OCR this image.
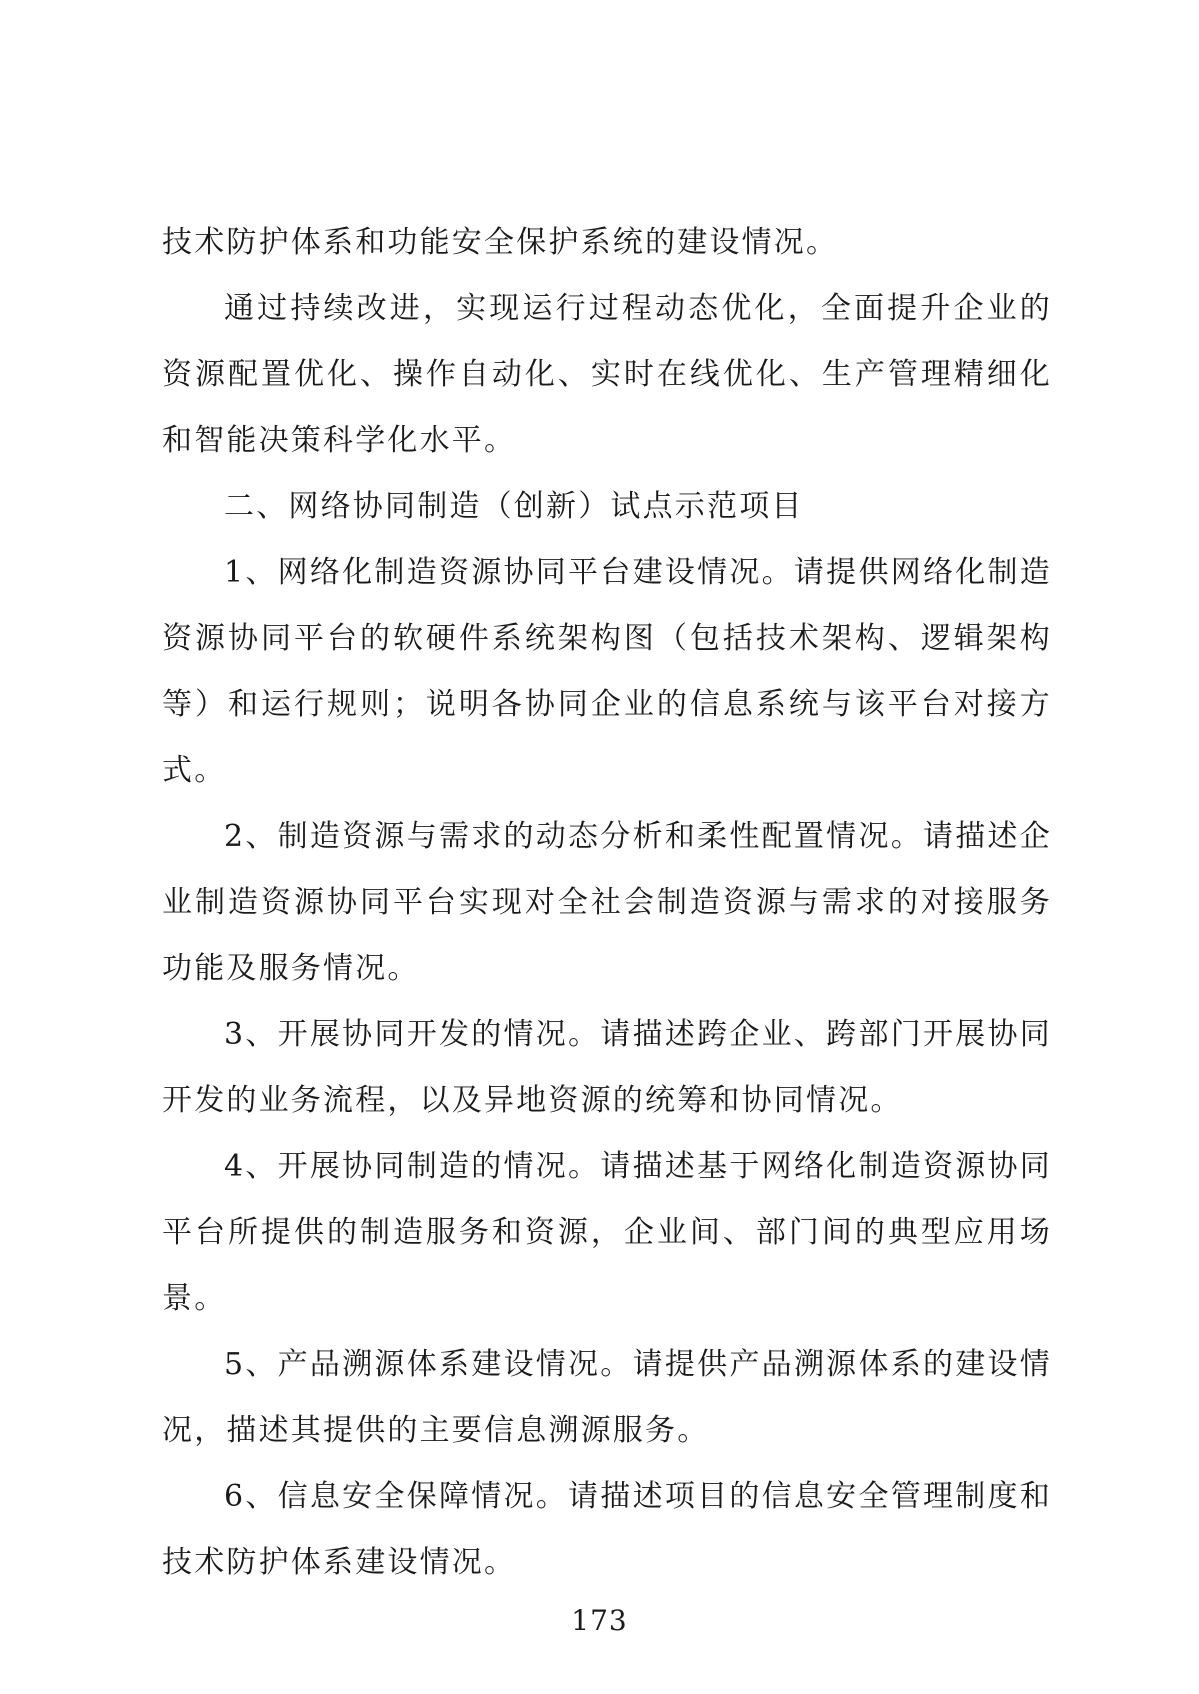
技术防护体系和功能安全保护系统的建设情况。

通过持续改进，实现运行过程动态优化，全面提升企业的资源配置优化、操作自动化、实时在线优化、生产管理精细化和智能决策科学化水平。

二、网络协同制造（创新）试点示范项目

1、网络化制造资源协同平台建设情况。请提供网络化制造资源协同平台的软硬件系统架构图（包括技术架构、逻辑架构等）和运行规则；说明各协同企业的信息系统与该平台对接方式。

2、制造资源与需求的动态分析和柔性配置情况。请描述企业制造资源协同平台实现对全社会制造资源与需求的对接服务功能及服务情况。

3、开展协同开发的情况。请描述跨企业、跨部门开展协同开发的业务流程，以及异地资源的统筹和协同情况。

4、开展协同制造的情况。请描述基于网络化制造资源协同平台所提供的制造服务和资源，企业间、部门间的典型应用场景。

5、产品溯源体系建设情况。请提供产品溯源体系的建设情况，描述其提供的主要信息溯源服务。

6、信息安全保障情况。请描述项目的信息安全管理制度和技术防护体系建设情况。

173
